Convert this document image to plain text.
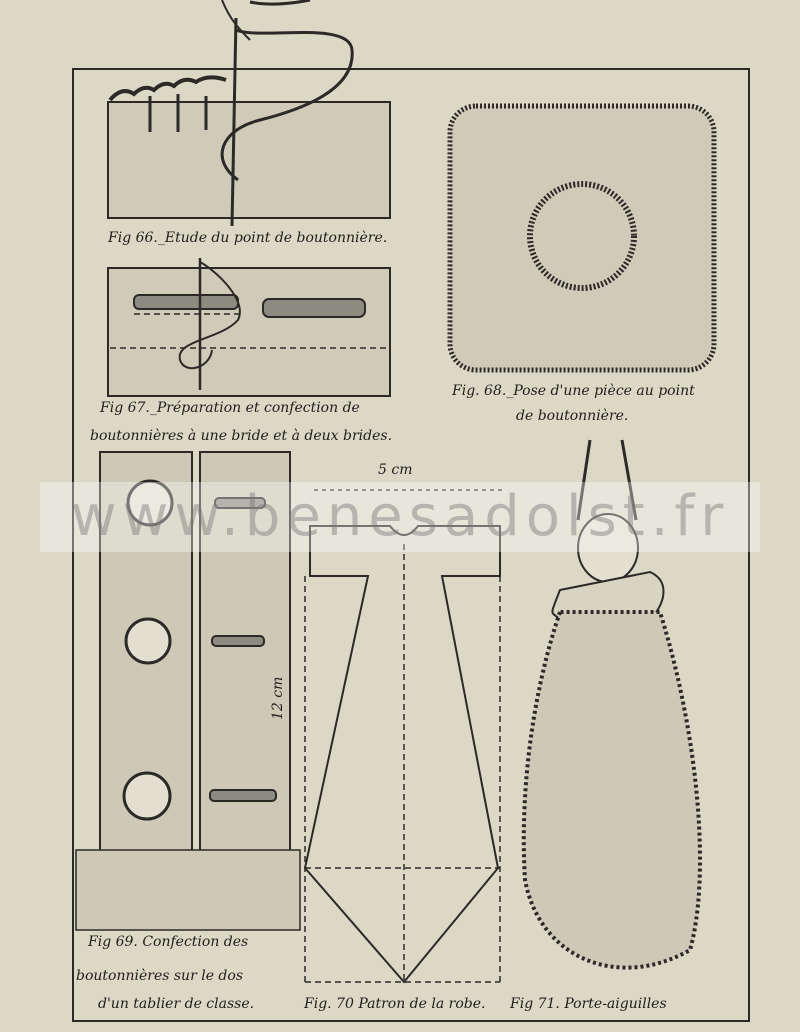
www.benesadolst.fr
Fig 66._Etude du point de boutonnière.
Fig 67._Préparation et confection de
boutonnières à une bride et à deux brides.
Fig. 68._Pose d'une pièce au point
de boutonnière.
5 cm
12 cm
Fig 69. Confection des
boutonnières sur le dos
d'un tablier de classe.	Fig. 70 Patron de la robe. Fig 71. Porte-aiguilles
